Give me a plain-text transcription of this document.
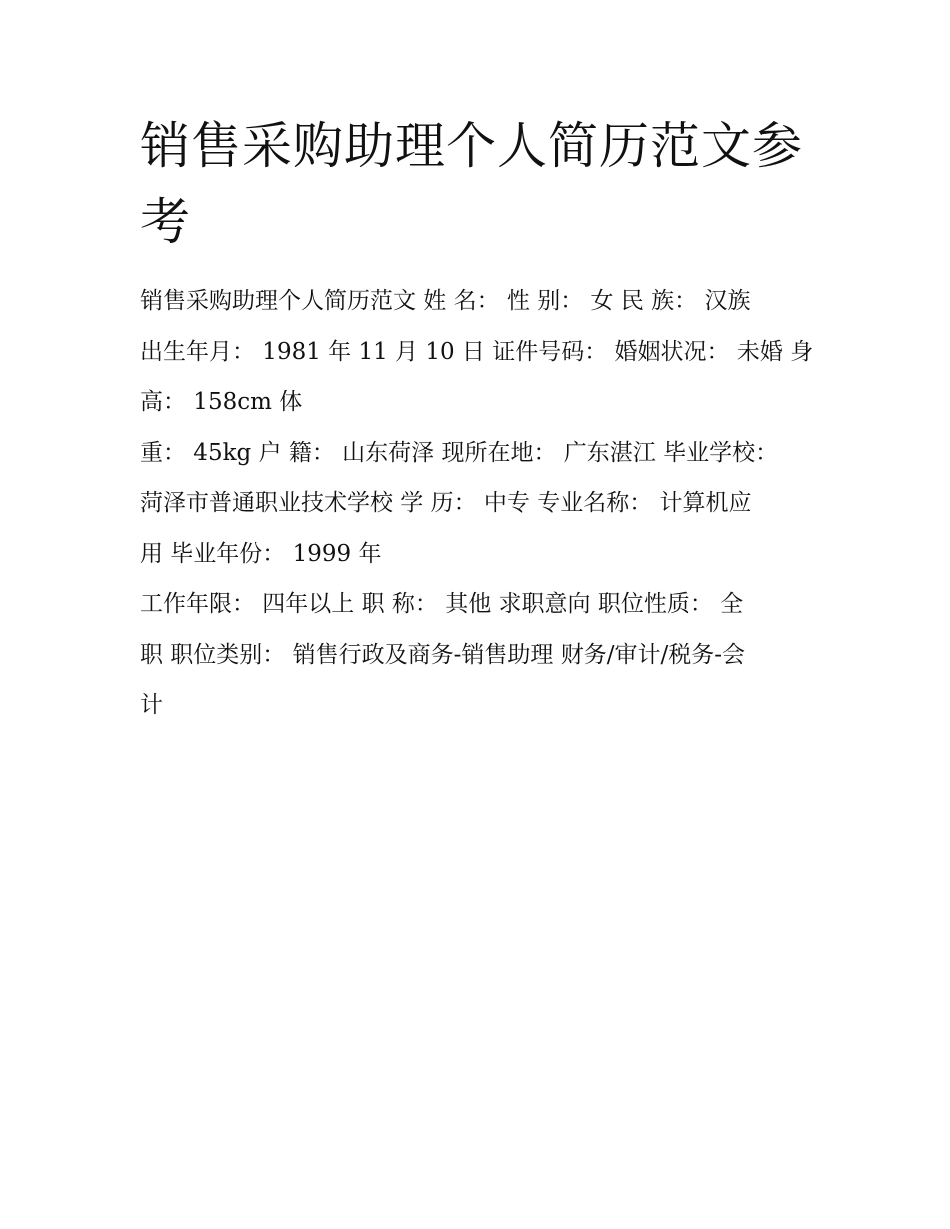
销售采购助理个人简历范文参考
销售采购助理个人简历范文 姓 名： 性 别： 女 民 族： 汉族
出生年月： 1981 年 11 月 10 日 证件号码： 婚姻状况： 未婚 身
高： 158cm 体
重： 45kg 户 籍： 山东荷泽 现所在地： 广东湛江 毕业学校：
菏泽市普通职业技术学校 学 历： 中专 专业名称： 计算机应
用 毕业年份： 1999 年
工作年限： 四年以上 职 称： 其他 求职意向 职位性质： 全
职 职位类别： 销售行政及商务-销售助理 财务/审计/税务-会
计
